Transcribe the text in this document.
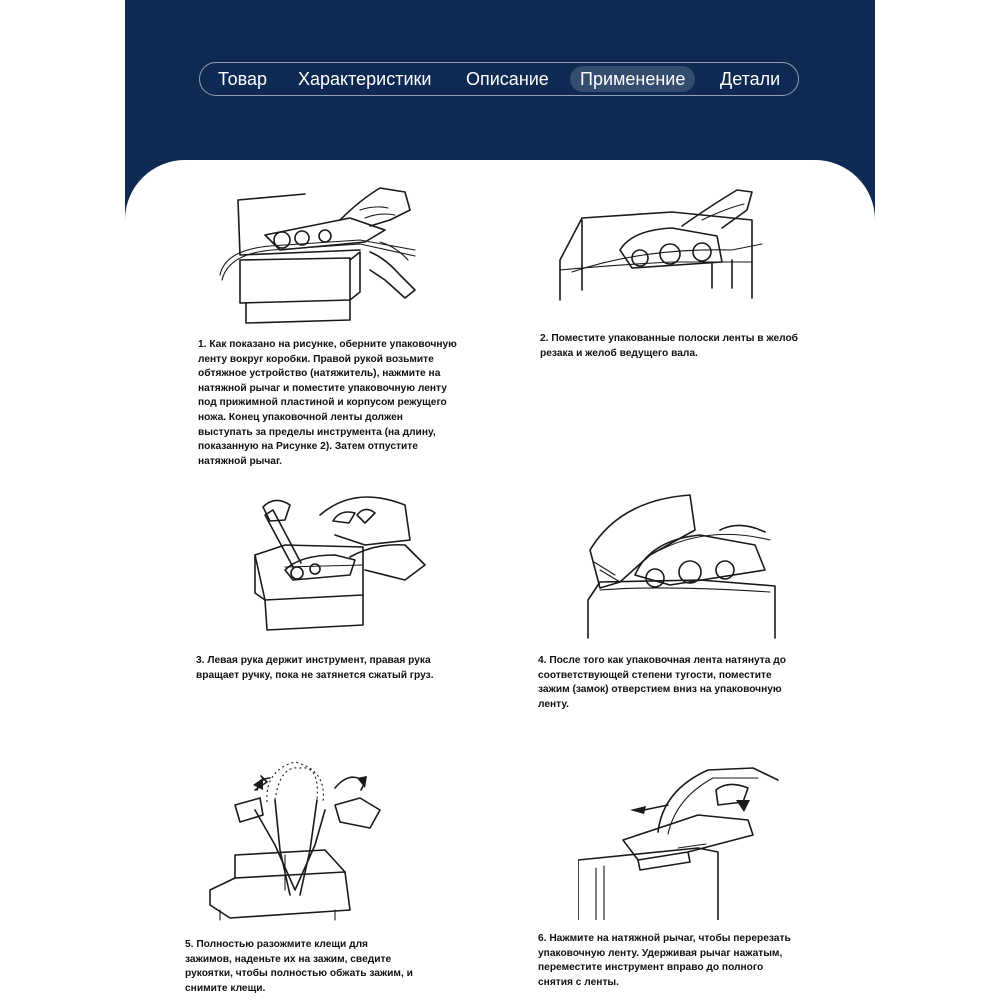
Товар Характеристики Описание	Применение	Детали

1. Как показано на рисунке, оберните упаковочную ленту вокруг коробки. Правой рукой возьмите обтяжное устройство (натяжитель), нажмите на натяжной рычаг и поместите упаковочную ленту под прижимной пластиной и корпусом режущего ножа. Конец упаковочной ленты должен выступать за пределы инструмента (на длину, показанную на Рисунке 2). Затем отпустите натяжной рычаг.

2. Поместите упакованные полоски ленты в желоб резака и желоб ведущего вала.

3. Левая рука держит инструмент, правая рука вращает ручку, пока не затянется сжатый груз.

4. После того как упаковочная лента натянута до соответствующей степени тугости, поместите зажим (замок) отверстием вниз на упаковочную ленту.

5. Полностью разожмите клещи для зажимов, наденьте их на зажим, сведите рукоятки, чтобы полностью обжать зажим, и снимите клещи.

6. Нажмите на натяжной рычаг, чтобы перерезать упаковочную ленту. Удерживая рычаг нажатым, переместите инструмент вправо до полного снятия с ленты.
